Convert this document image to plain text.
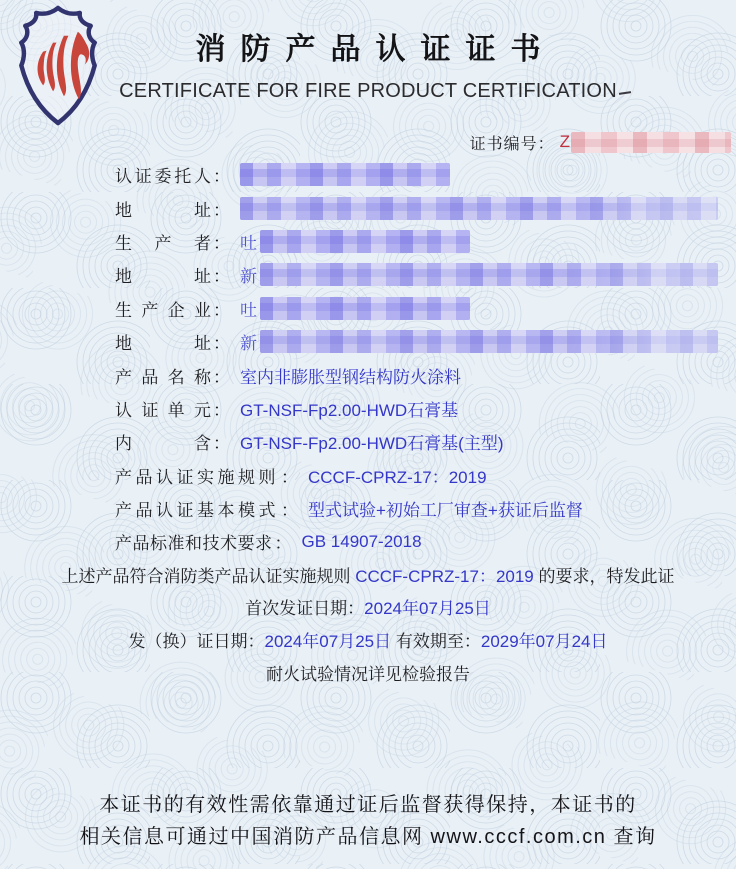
消防产品认证证书
CERTIFICATE FOR FIRE PRODUCT CERTIFICATION
证书编号 ： Z
认证委托人 ：
地址 ：
生产者 ： 吐
地址 ： 新
生产企业 ： 吐
地址 ： 新
产品名称 ： 室内非膨胀型钢结构防火涂料
认证单元 ： GT-NSF-Fp2.00-HWD石膏基
内含 ： GT-NSF-Fp2.00-HWD石膏基(主型)
产品认证实施规则 ： CCCF-CPRZ-17：2019
产品认证基本模式 ： 型式试验+初始工厂审查+获证后监督
产品标准和技术要求 ： GB 14907-2018
上述产品符合消防类产品认证实施规则 CCCF-CPRZ-17：2019 的要求，特发此证
首次发证日期： 2024年07月25日
发（换）证日期： 2024年07月25日 有效期至： 2029年07月24日
耐火试验情况详见检验报告
本证书的有效性需依靠通过证后监督获得保持，本证书的
相关信息可通过中国消防产品信息网 www.cccf.com.cn 查询
